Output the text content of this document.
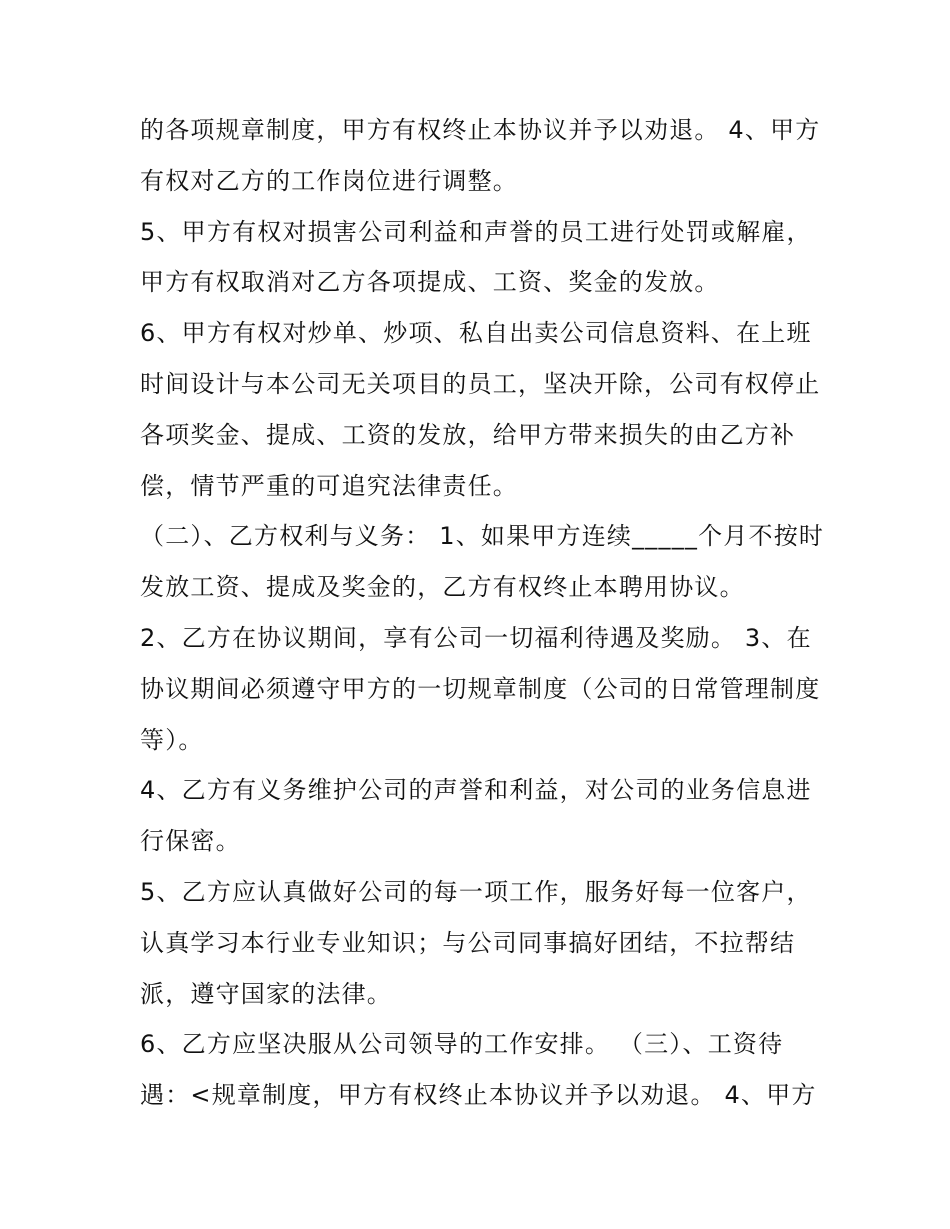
的各项规章制度，甲方有权终止本协议并予以劝退。 4、甲方
有权对乙方的工作岗位进行调整。
5、甲方有权对损害公司利益和声誉的员工进行处罚或解雇，
甲方有权取消对乙方各项提成、工资、奖金的发放。
6、甲方有权对炒单、炒项、私自出卖公司信息资料、在上班
时间设计与本公司无关项目的员工，坚决开除，公司有权停止
各项奖金、提成、工资的发放，给甲方带来损失的由乙方补
偿，情节严重的可追究法律责任。
（二）、乙方权利与义务： 1、如果甲方连续_____个月不按时
发放工资、提成及奖金的，乙方有权终止本聘用协议。
2、乙方在协议期间，享有公司一切福利待遇及奖励。 3、在
协议期间必须遵守甲方的一切规章制度（公司的日常管理制度
等）。
4、乙方有义务维护公司的声誉和利益，对公司的业务信息进
行保密。
5、乙方应认真做好公司的每一项工作，服务好每一位客户，
认真学习本行业专业知识；与公司同事搞好团结，不拉帮结
派，遵守国家的法律。
6、乙方应坚决服从公司领导的工作安排。 （三）、工资待
遇：<规章制度，甲方有权终止本协议并予以劝退。 4、甲方
